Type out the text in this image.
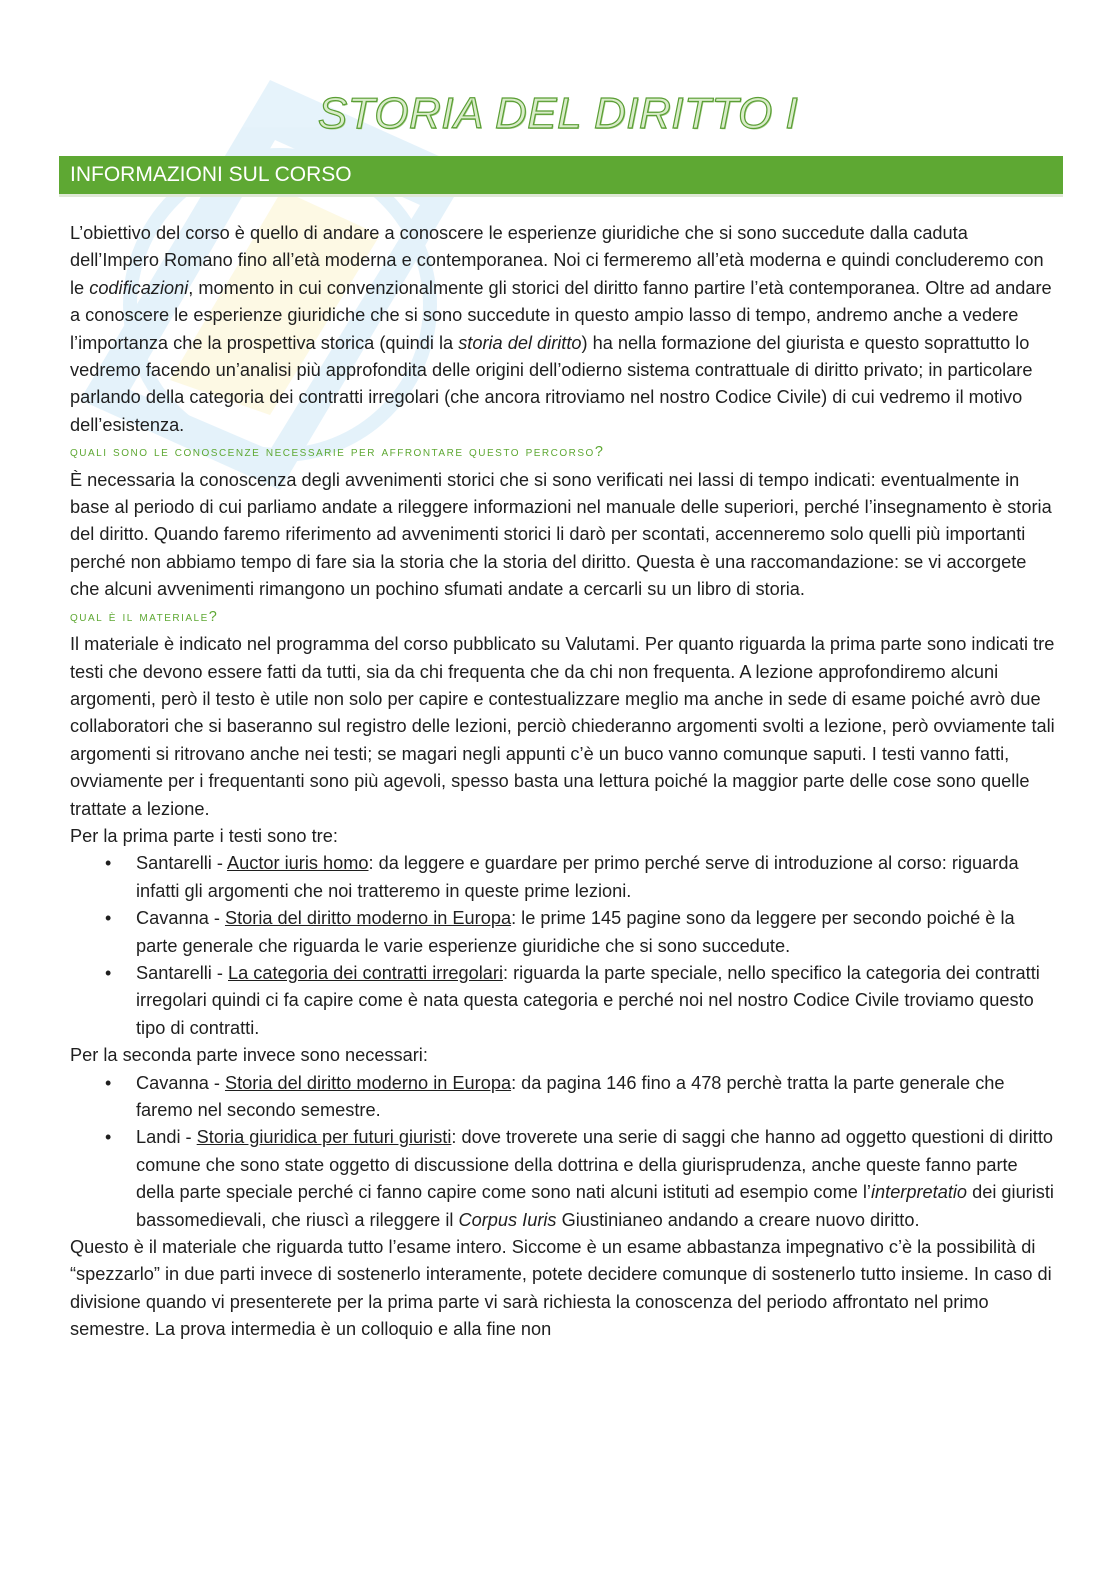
STORIA DEL DIRITTO I
INFORMAZIONI SUL CORSO

L’obiettivo del corso è quello di andare a conoscere le esperienze giuridiche che si sono succedute dalla caduta dell’Impero Romano fino all’età moderna e contemporanea. Noi ci fermeremo all’età moderna e quindi concluderemo con le codificazioni, momento in cui convenzionalmente gli storici del diritto fanno partire l’età contemporanea. Oltre ad andare a conoscere le esperienze giuridiche che si sono succedute in questo ampio lasso di tempo, andremo anche a vedere l’importanza che la prospettiva storica (quindi la storia del diritto) ha nella formazione del giurista e questo soprattutto lo vedremo facendo un’analisi più approfondita delle origini dell’odierno sistema contrattuale di diritto privato; in particolare parlando della categoria dei contratti irregolari (che ancora ritroviamo nel nostro Codice Civile) di cui vedremo il motivo dell’esistenza.

quali sono le conoscenze necessarie per affrontare questo percorso?

È necessaria la conoscenza degli avvenimenti storici che si sono verificati nei lassi di tempo indicati: eventualmente in base al periodo di cui parliamo andate a rileggere informazioni nel manuale delle superiori, perché l’insegnamento è storia del diritto. Quando faremo riferimento ad avvenimenti storici li darò per scontati, accenneremo solo quelli più importanti perché non abbiamo tempo di fare sia la storia che la storia del diritto. Questa è una raccomandazione: se vi accorgete che alcuni avvenimenti rimangono un pochino sfumati andate a cercarli su un libro di storia.

qual è il materiale?

Il materiale è indicato nel programma del corso pubblicato su Valutami. Per quanto riguarda la prima parte sono indicati tre testi che devono essere fatti da tutti, sia da chi frequenta che da chi non frequenta. A lezione approfondiremo alcuni argomenti, però il testo è utile non solo per capire e contestualizzare meglio ma anche in sede di esame poiché avrò due collaboratori che si baseranno sul registro delle lezioni, perciò chiederanno argomenti svolti a lezione, però ovviamente tali argomenti si ritrovano anche nei testi; se magari negli appunti c’è un buco vanno comunque saputi. I testi vanno fatti, ovviamente per i frequentanti sono più agevoli, spesso basta una lettura poiché la maggior parte delle cose sono quelle trattate a lezione.

Per la prima parte i testi sono tre:

• Santarelli - Auctor iuris homo: da leggere e guardare per primo perché serve di introduzione al corso: riguarda infatti gli argomenti che noi tratteremo in queste prime lezioni.
• Cavanna - Storia del diritto moderno in Europa: le prime 145 pagine sono da leggere per secondo poiché è la parte generale che riguarda le varie esperienze giuridiche che si sono succedute.
• Santarelli - La categoria dei contratti irregolari: riguarda la parte speciale, nello specifico la categoria dei contratti irregolari quindi ci fa capire come è nata questa categoria e perché noi nel nostro Codice Civile troviamo questo tipo di contratti.

Per la seconda parte invece sono necessari:

• Cavanna - Storia del diritto moderno in Europa: da pagina 146 fino a 478 perchè tratta la parte generale che faremo nel secondo semestre.
• Landi - Storia giuridica per futuri giuristi: dove troverete una serie di saggi che hanno ad oggetto questioni di diritto comune che sono state oggetto di discussione della dottrina e della giurisprudenza, anche queste fanno parte della parte speciale perché ci fanno capire come sono nati alcuni istituti ad esempio come l’interpretatio dei giuristi bassomedievali, che riuscì a rileggere il Corpus Iuris Giustinianeo andando a creare nuovo diritto.

Questo è il materiale che riguarda tutto l’esame intero. Siccome è un esame abbastanza impegnativo c’è la possibilità di “spezzarlo” in due parti invece di sostenerlo interamente, potete decidere comunque di sostenerlo tutto insieme. In caso di divisione quando vi presenterete per la prima parte vi sarà richiesta la conoscenza del periodo affrontato nel primo semestre. La prova intermedia è un colloquio e alla fine non
